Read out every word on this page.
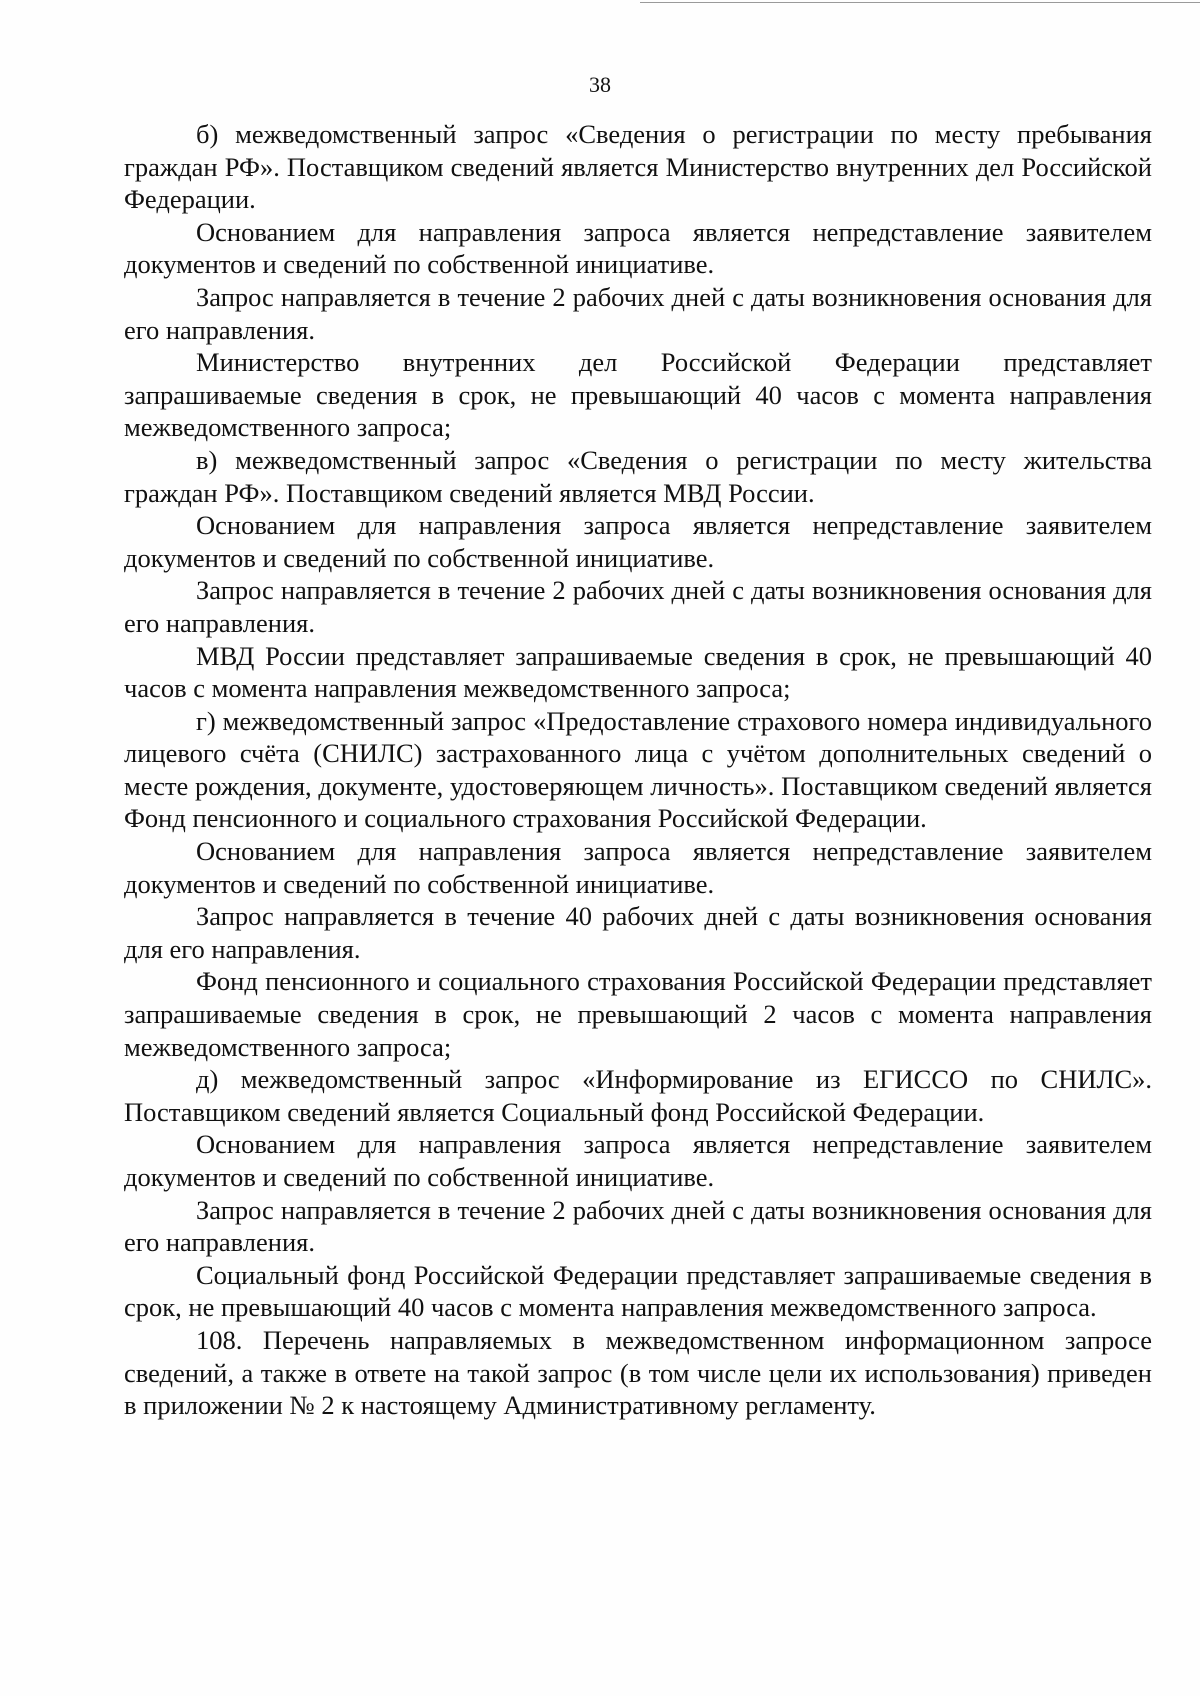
38

б) межведомственный запрос «Сведения о регистрации по месту пребывания граждан РФ». Поставщиком сведений является Министерство внутренних дел Российской Федерации.

Основанием для направления запроса является непредставление заявителем документов и сведений по собственной инициативе.

Запрос направляется в течение 2 рабочих дней с даты возникновения основания для его направления.

Министерство внутренних дел Российской Федерации представляет запрашиваемые сведения в срок, не превышающий 40 часов с момента направления межведомственного запроса;

в) межведомственный запрос «Сведения о регистрации по месту жительства граждан РФ». Поставщиком сведений является МВД России.

Основанием для направления запроса является непредставление заявителем документов и сведений по собственной инициативе.

Запрос направляется в течение 2 рабочих дней с даты возникновения основания для его направления.

МВД России представляет запрашиваемые сведения в срок, не превышающий 40 часов с момента направления межведомственного запроса;

г) межведомственный запрос «Предоставление страхового номера индивидуального лицевого счёта (СНИЛС) застрахованного лица с учётом дополнительных сведений о месте рождения, документе, удостоверяющем личность». Поставщиком сведений является Фонд пенсионного и социального страхования Российской Федерации.

Основанием для направления запроса является непредставление заявителем документов и сведений по собственной инициативе.

Запрос направляется в течение 40 рабочих дней с даты возникновения основания для его направления.

Фонд пенсионного и социального страхования Российской Федерации представляет запрашиваемые сведения в срок, не превышающий 2 часов с момента направления межведомственного запроса;

д) межведомственный запрос «Информирование из ЕГИССО по СНИЛС». Поставщиком сведений является Социальный фонд Российской Федерации.

Основанием для направления запроса является непредставление заявителем документов и сведений по собственной инициативе.

Запрос направляется в течение 2 рабочих дней с даты возникновения основания для его направления.

Социальный фонд Российской Федерации представляет запрашиваемые сведения в срок, не превышающий 40 часов с момента направления межведомственного запроса.

108. Перечень направляемых в межведомственном информационном запросе сведений, а также в ответе на такой запрос (в том числе цели их использования) приведен в приложении № 2 к настоящему Административному регламенту.
